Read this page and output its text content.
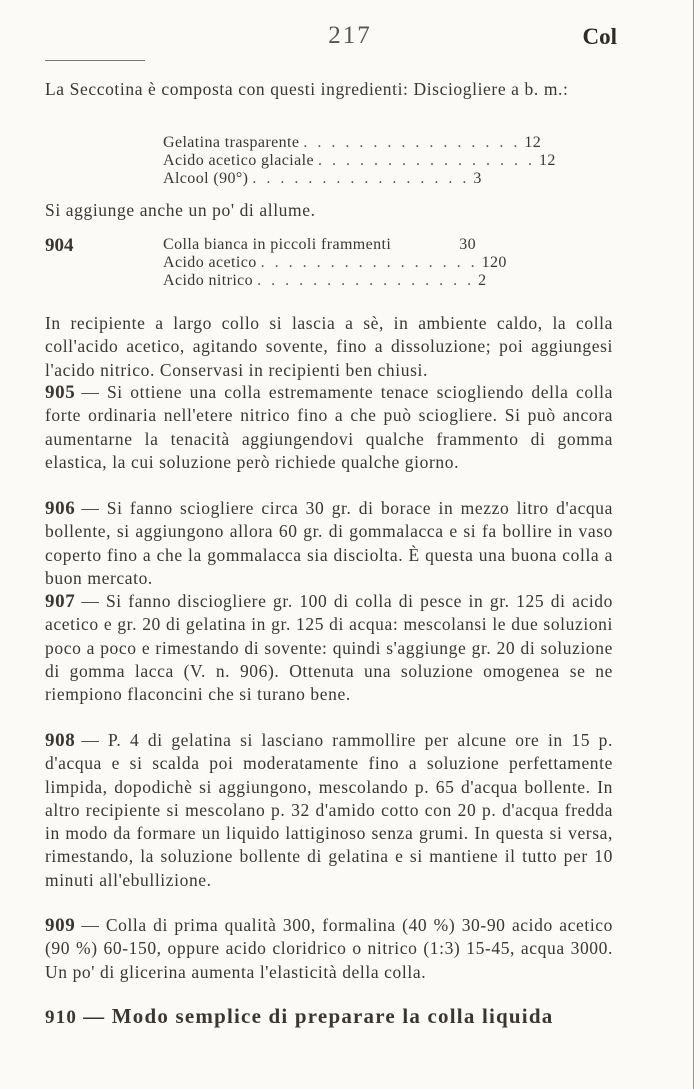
217	Col

La Seccotina è composta con questi ingredienti: Disciogliere a b. m.:

Gelatina trasparente . . . . . . . . . . . . . . . . 12
Acido acetico glaciale . . . . . . . . . . . . . . . . 12
Alcool (90°) . . . . . . . . . . . . . . . . 3

Si aggiunge anche un po' di allume.

904	Colla bianca in piccoli frammenti	30
Acido acetico . . . . . . . . . . . . . . . . 120
Acido nitrico . . . . . . . . . . . . . . . . 2

In recipiente a largo collo si lascia a sè, in ambiente caldo, la colla coll'acido acetico, agitando sovente, fino a dissoluzione; poi aggiungesi l'acido nitrico. Conservasi in recipienti ben chiusi.

905 — Si ottiene una colla estremamente tenace sciogliendo della colla forte ordinaria nell'etere nitrico fino a che può sciogliere. Si può ancora aumentarne la tenacità aggiungendovi qualche frammento di gomma elastica, la cui soluzione però richiede qualche giorno.

906 — Si fanno sciogliere circa 30 gr. di borace in mezzo litro d'acqua bollente, si aggiungono allora 60 gr. di gommalacca e si fa bollire in vaso coperto fino a che la gommalacca sia disciolta. È questa una buona colla a buon mercato.

907 — Si fanno disciogliere gr. 100 di colla di pesce in gr. 125 di acido acetico e gr. 20 di gelatina in gr. 125 di acqua: mescolansi le due soluzioni poco a poco e rimestando di sovente: quindi s'aggiunge gr. 20 di soluzione di gomma lacca (V. n. 906). Ottenuta una soluzione omogenea se ne riempiono flaconcini che si turano bene.

908 — P. 4 di gelatina si lasciano rammollire per alcune ore in 15 p. d'acqua e si scalda poi moderatamente fino a soluzione perfettamente limpida, dopodichè si aggiungono, mescolando p. 65 d'acqua bollente. In altro recipiente si mescolano p. 32 d'amido cotto con 20 p. d'acqua fredda in modo da formare un liquido lattiginoso senza grumi. In questa si versa, rimestando, la soluzione bollente di gelatina e si mantiene il tutto per 10 minuti all'ebullizione.

909 — Colla di prima qualità 300, formalina (40 %) 30-90 acido acetico (90 %) 60-150, oppure acido cloridrico o nitrico (1:3) 15-45, acqua 3000. Un po' di glicerina aumenta l'elasticità della colla.

910 — Modo semplice di preparare la colla liquida
